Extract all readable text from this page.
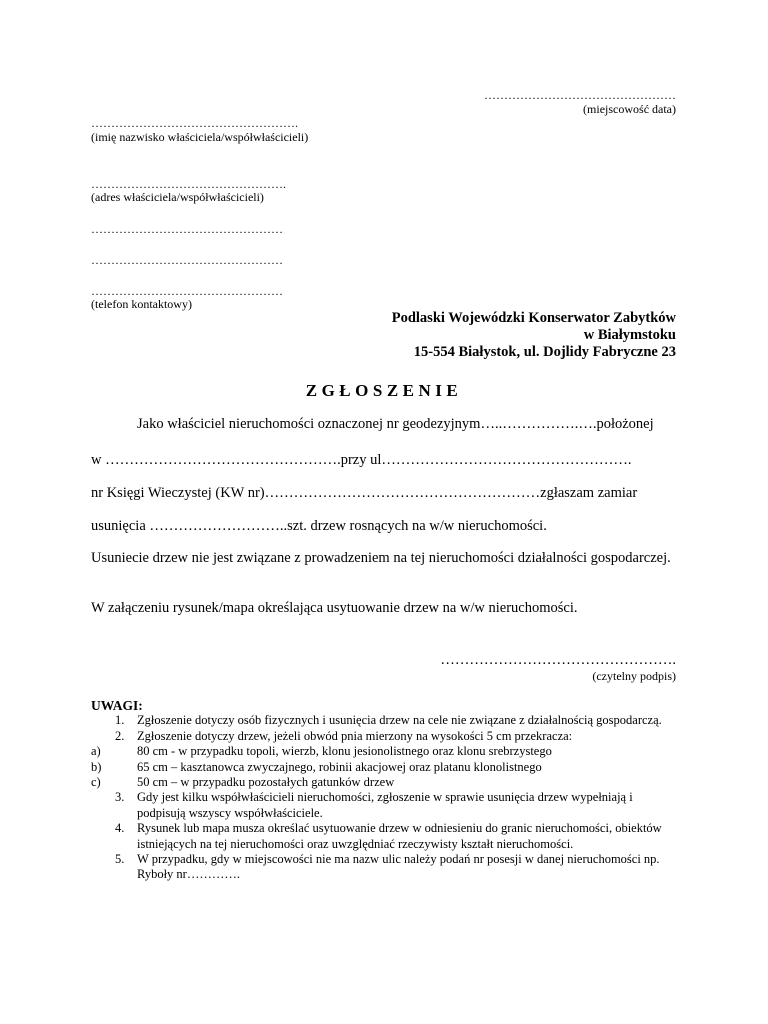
…………………………………………
(miejscowość data)
…………………………………………….
(imię nazwisko właściciela/współwłaścicieli)
………………………………………….
(adres właściciela/współwłaścicieli)
…………………………………………
…………………………………………
…………………………………………
(telefon kontaktowy)
Podlaski Wojewódzki Konserwator Zabytków
w Białymstoku
15-554 Białystok, ul. Dojlidy Fabryczne 23
ZGŁOSZENIE
Jako właściciel nieruchomości oznaczonej nr geodezyjnym…..…………….….położonej
w ………………………………………….przy ul…………………………………………….
nr Księgi Wieczystej (KW nr)…………………………………………………zgłaszam zamiar
usunięcia ………………………..szt. drzew rosnących na w/w nieruchomości.
Usuniecie drzew nie jest związane z prowadzeniem na tej nieruchomości działalności gospodarczej.
W załączeniu rysunek/mapa określająca usytuowanie drzew na w/w nieruchomości.
………………………………………….
(czytelny podpis)
UWAGI:
1.	Zgłoszenie dotyczy osób fizycznych i usunięcia drzew na cele nie związane z działalnością gospodarczą.
2.	Zgłoszenie dotyczy drzew, jeżeli obwód pnia mierzony na wysokości 5 cm przekracza:
a)	80 cm - w przypadku topoli, wierzb, klonu jesionolistnego oraz klonu srebrzystego
b)	65 cm – kasztanowca zwyczajnego, robinii akacjowej oraz platanu klonolistnego
c)	50 cm – w przypadku pozostałych gatunków drzew
3.	Gdy jest kilku współwłaścicieli nieruchomości, zgłoszenie w sprawie usunięcia drzew wypełniają i podpisują wszyscy współwłaściciele.
4.	Rysunek lub mapa musza określać usytuowanie drzew w odniesieniu do granic nieruchomości, obiektów istniejących na tej nieruchomości oraz uwzględniać rzeczywisty kształt nieruchomości.
5.	W przypadku, gdy w miejscowości nie ma nazw ulic należy podań nr posesji w danej nieruchomości np. Ryboły nr………….
